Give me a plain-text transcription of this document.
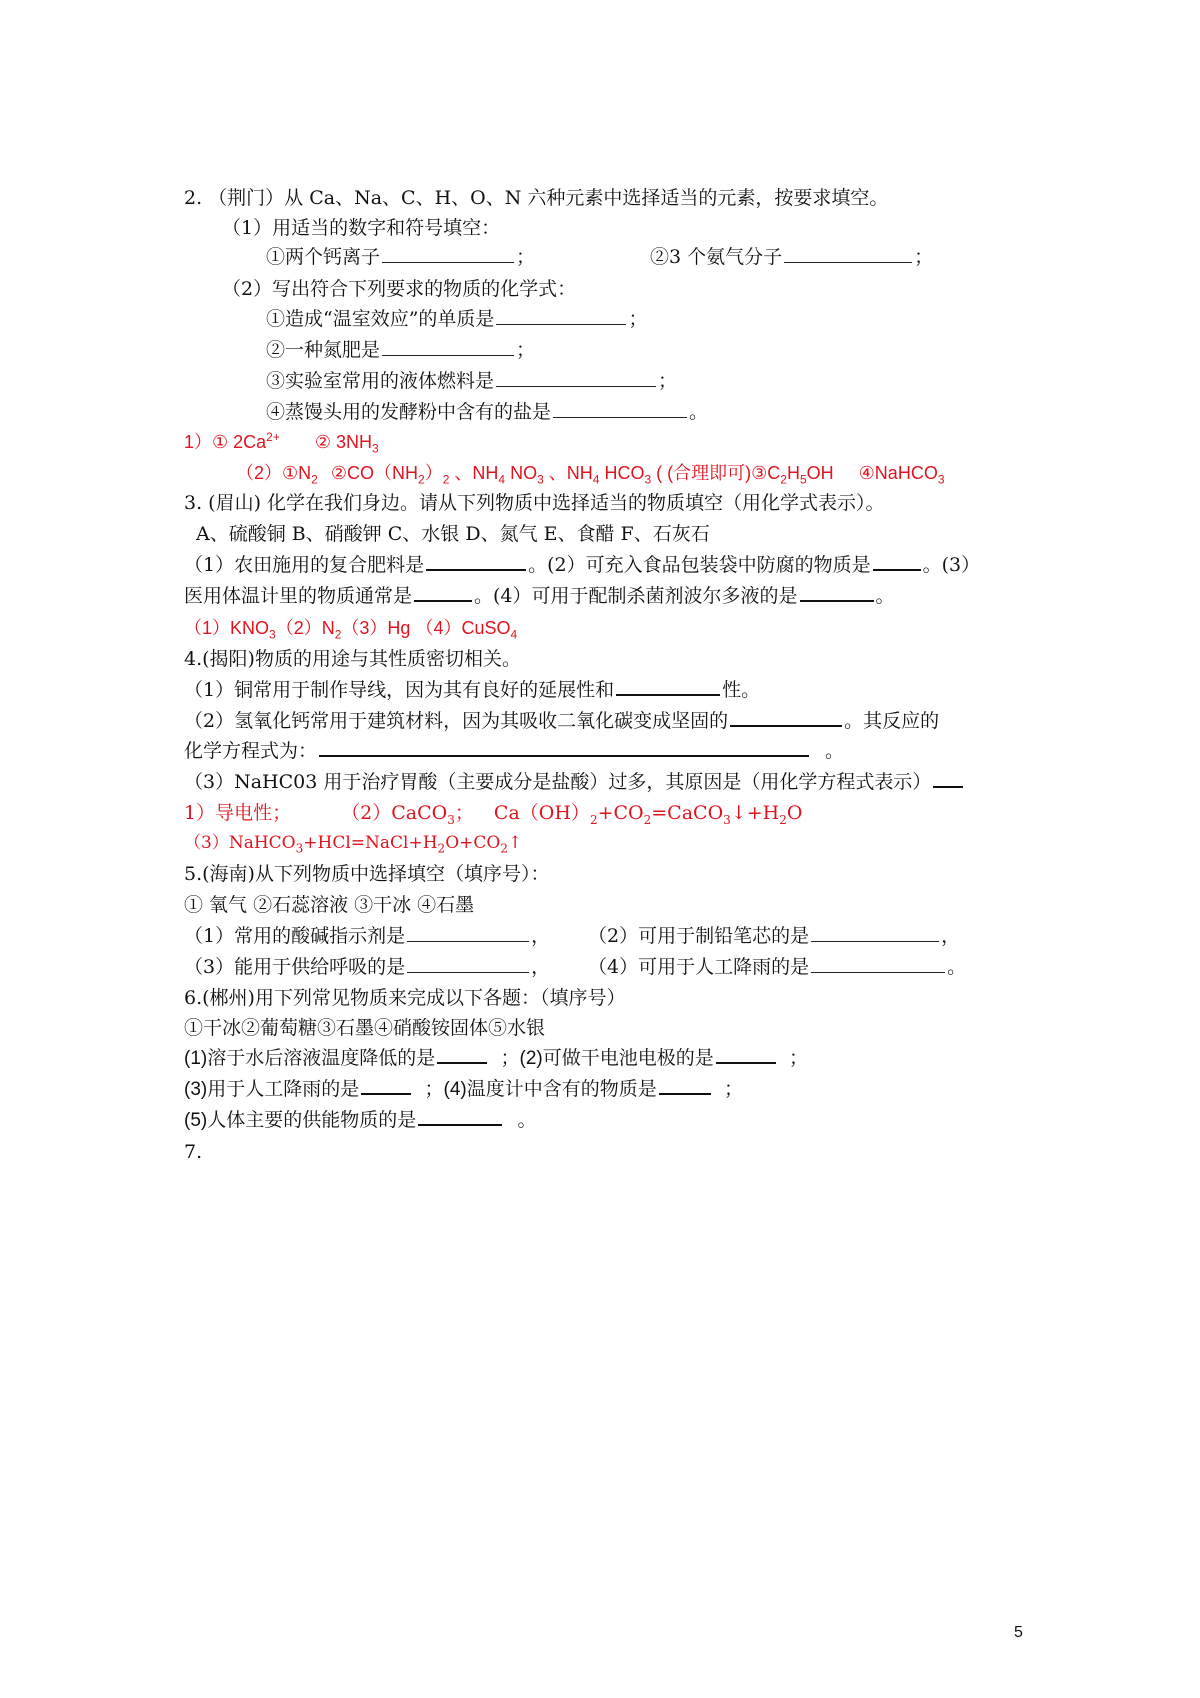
2. （荆门）从 Ca、Na、C、H、O、N 六种元素中选择适当的元素，按要求填空。
（1）用适当的数字和符号填空：
①两个钙离子	；	②3 个氨气分子	；
（2）写出符合下列要求的物质的化学式：
①造成“温室效应”的单质是	；
②一种氮肥是	；
③实验室常用的液体燃料是	；
④蒸馒头用的发酵粉中含有的盐是	。
1）① $2Ca^{2+}$ ② $3NH_3$
$(2)①N_2$ $②CO(NH_2)_2$ 、$NH_4$ $NO_3$ 、$NH_4$ $HCO_3$ ( (合理即可)$③C_2H_5OH$ ④NaHCO$_3$
3. (眉山) 化学在我们身边。请从下列物质中选择适当的物质填空（用化学式表示）。
A、硫酸铜 B、硝酸钾 C、水银 D、氮气 E、食醋 F、石灰石
（1）农田施用的复合肥料是	。(2）可充入食品包装袋中防腐的物质是	。(3）
医用体温计里的物质通常是	。(4）可用于配制杀菌剂波尔多液的是	。
$(1)KNO_3(2)N_2(3)Hg$ （4）CuSO$_4$
4.(揭阳)物质的用途与其性质密切相关。
（1）铜常用于制作导线，因为其有良好的延展性和	性。
（2）氢氧化钙常用于建筑材料，因为其吸收二氧化碳变成坚固的	。其反应的
化学方程式为：	。
（3）NaHC03 用于治疗胃酸（主要成分是盐酸）过多，其原因是（用化学方程式表示）
1）导电性；	（2）CaCO$_3$； $Ca(OH)_2+CO_2=CaCO_3↓+H_2O$
$(3)NaHCO_3+HCl=NaCl+H_2O+CO_2↑$
5.(海南)从下列物质中选择填空（填序号）：
① 氧气 ②石蕊溶液 ③干冰 ④石墨
（1）常用的酸碱指示剂是	， （2）可用于制铅笔芯的是	，
（3）能用于供给呼吸的是	， （4）可用于人工降雨的是	。
6.(郴州)用下列常见物质来完成以下各题：（填序号）
①干冰②葡萄糖③石墨④硝酸铵固体⑤水银
(1)溶于水后溶液温度降低的是	；(2)可做干电池电极的是	；
(3)用于人工降雨的是	；(4)温度计中含有的物质是	；
(5)人体主要的供能物质的是	。
7.
5
